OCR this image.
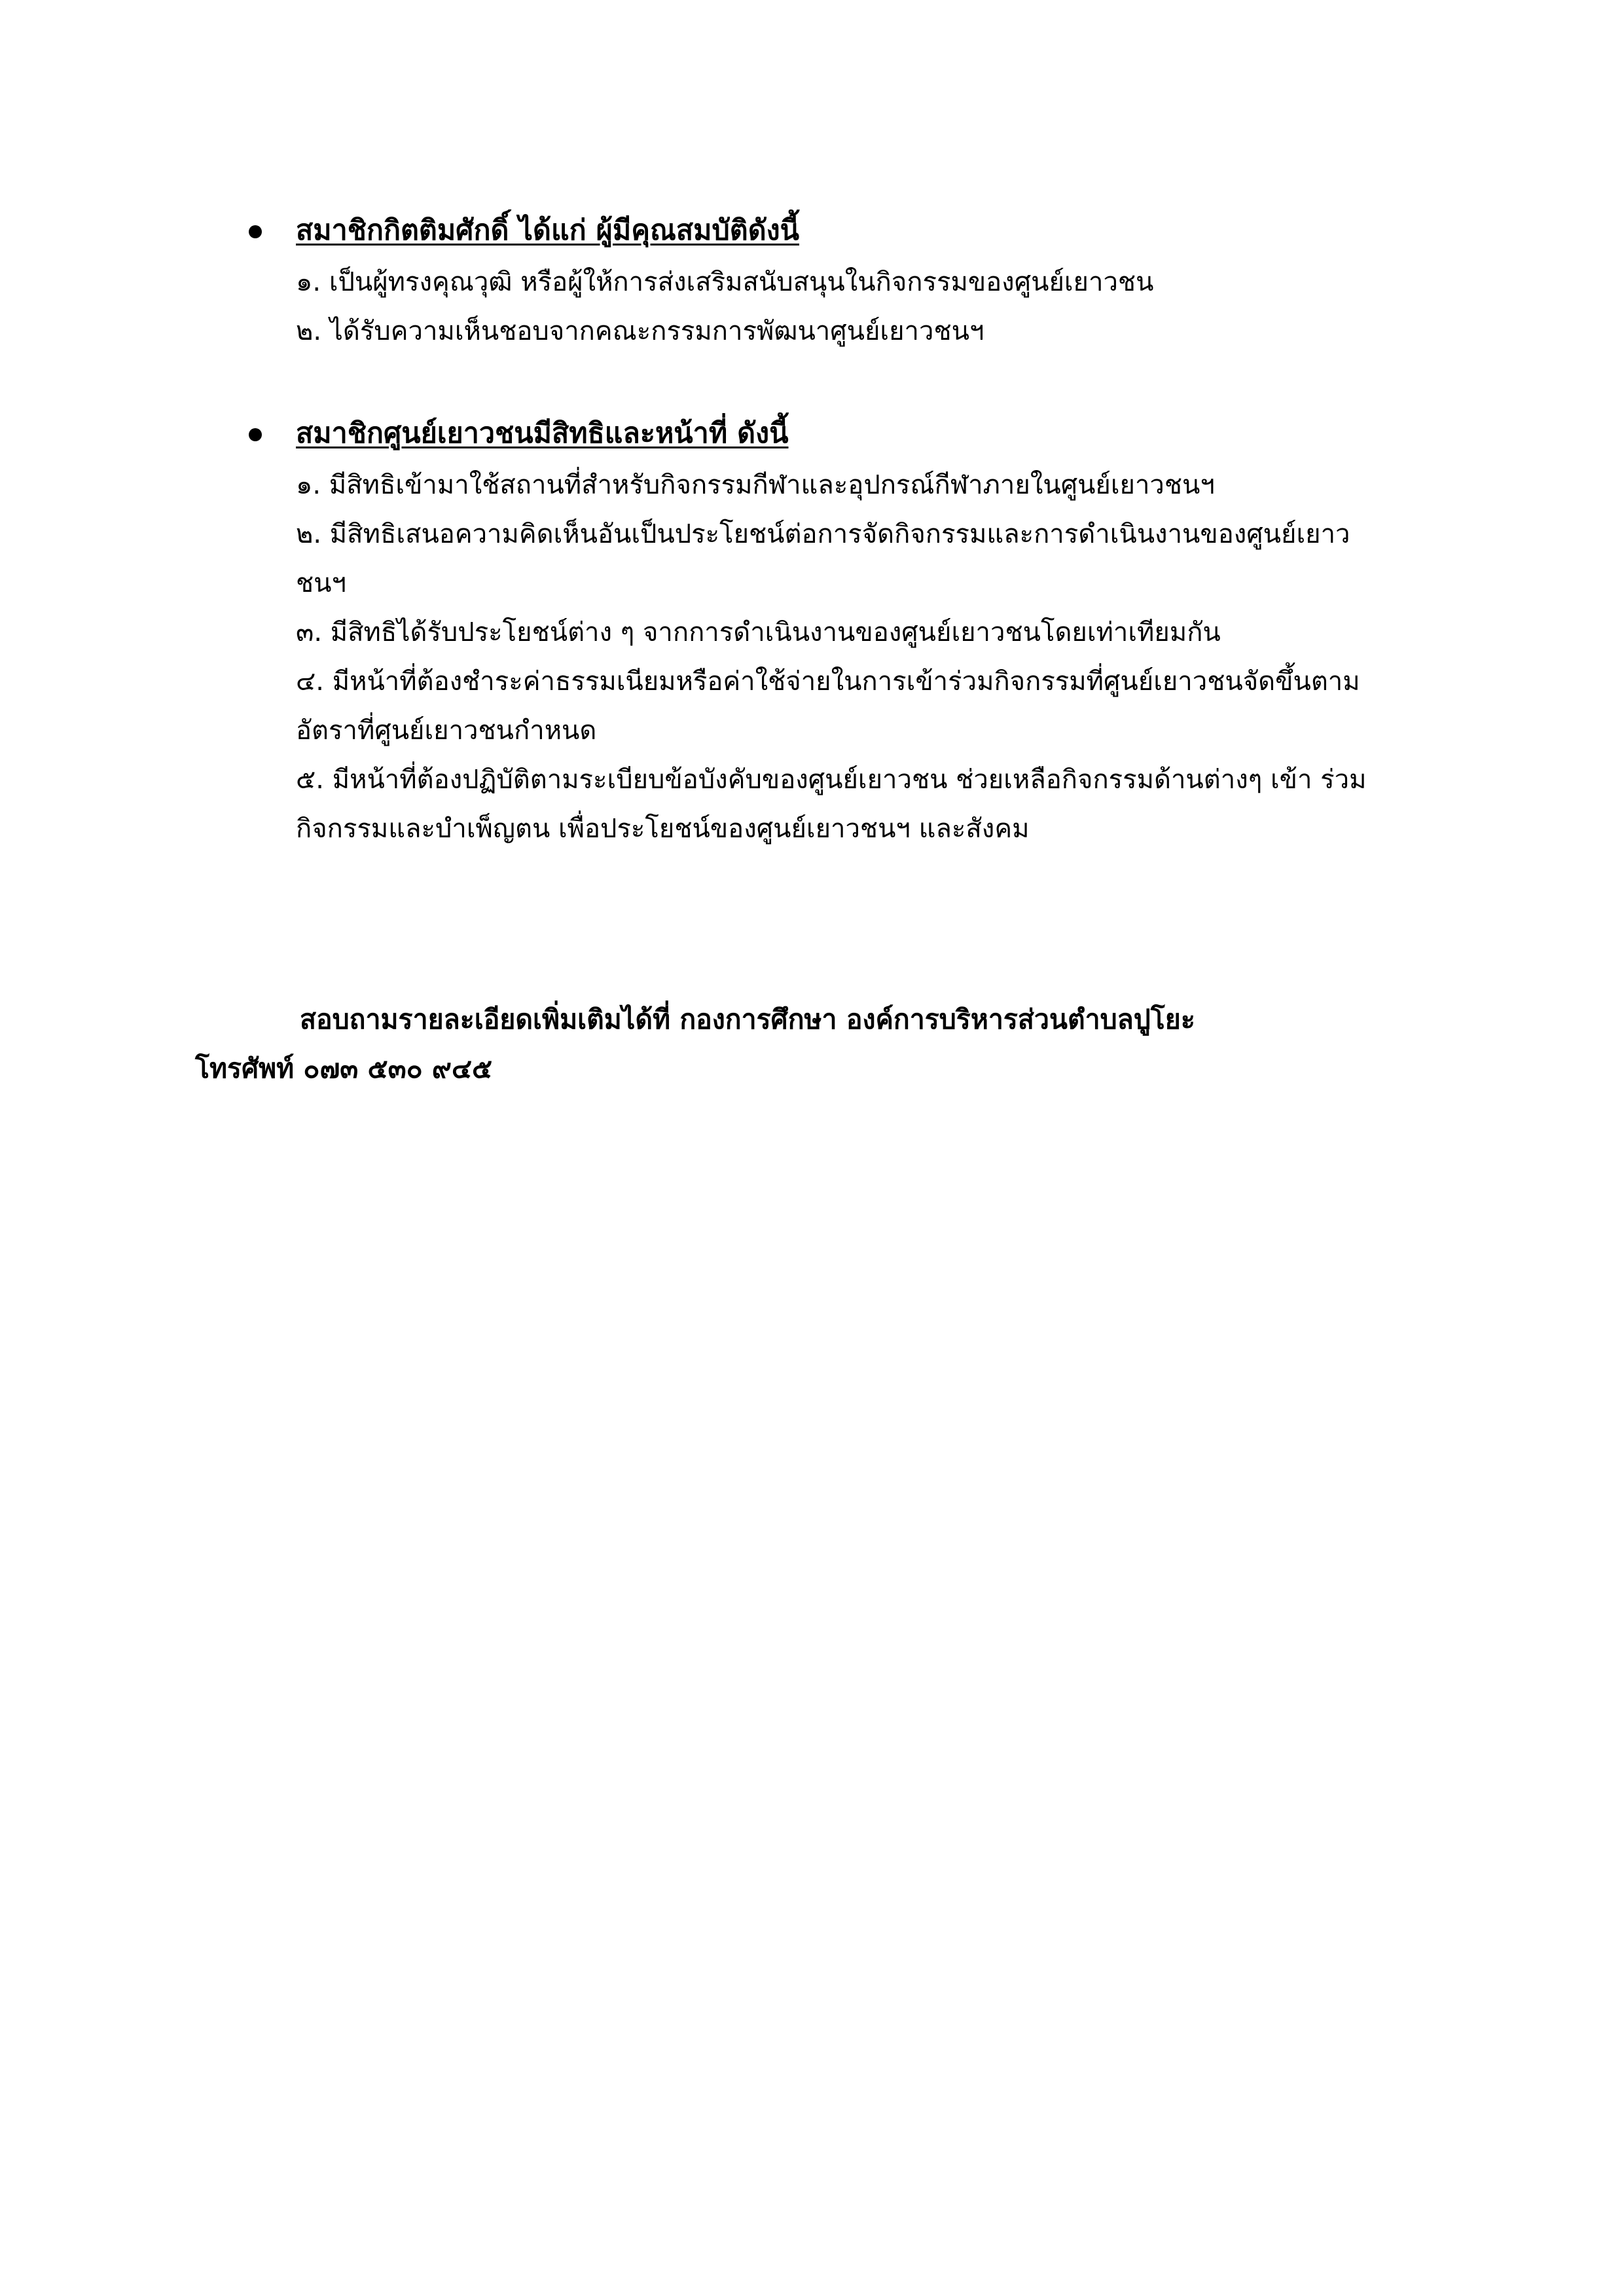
สมาชิกกิตติมศักดิ์ ได้แก่ ผู้มีคุณสมบัติดังนี้
๑. เป็นผู้ทรงคุณวุฒิ หรือผู้ให้การส่งเสริมสนับสนุนในกิจกรรมของศูนย์เยาวชน
๒. ได้รับความเห็นชอบจากคณะกรรมการพัฒนาศูนย์เยาวชนฯ
สมาชิกศูนย์เยาวชนมีสิทธิและหน้าที่ ดังนี้
๑. มีสิทธิเข้ามาใช้สถานที่สำหรับกิจกรรมกีฬาและอุปกรณ์กีฬาภายในศูนย์เยาวชนฯ
๒. มีสิทธิเสนอความคิดเห็นอันเป็นประโยชน์ต่อการจัดกิจกรรมและการดำเนินงานของศูนย์เยาวชนฯ
๓. มีสิทธิได้รับประโยชน์ต่าง ๆ จากการดำเนินงานของศูนย์เยาวชนโดยเท่าเทียมกัน
๔. มีหน้าที่ต้องชำระค่าธรรมเนียมหรือค่าใช้จ่ายในการเข้าร่วมกิจกรรมที่ศูนย์เยาวชนจัดขึ้นตาม อัตราที่ศูนย์เยาวชนกำหนด
๕. มีหน้าที่ต้องปฏิบัติตามระเบียบข้อบังคับของศูนย์เยาวชน ช่วยเหลือกิจกรรมด้านต่างๆ เข้า ร่วมกิจกรรมและบำเพ็ญตน เพื่อประโยชน์ของศูนย์เยาวชนฯ และสังคม
สอบถามรายละเอียดเพิ่มเติมได้ที่ กองการศึกษา องค์การบริหารส่วนตำบลปูโยะ
โทรศัพท์ ๐๗๓ ๕๓๐ ๙๔๕
